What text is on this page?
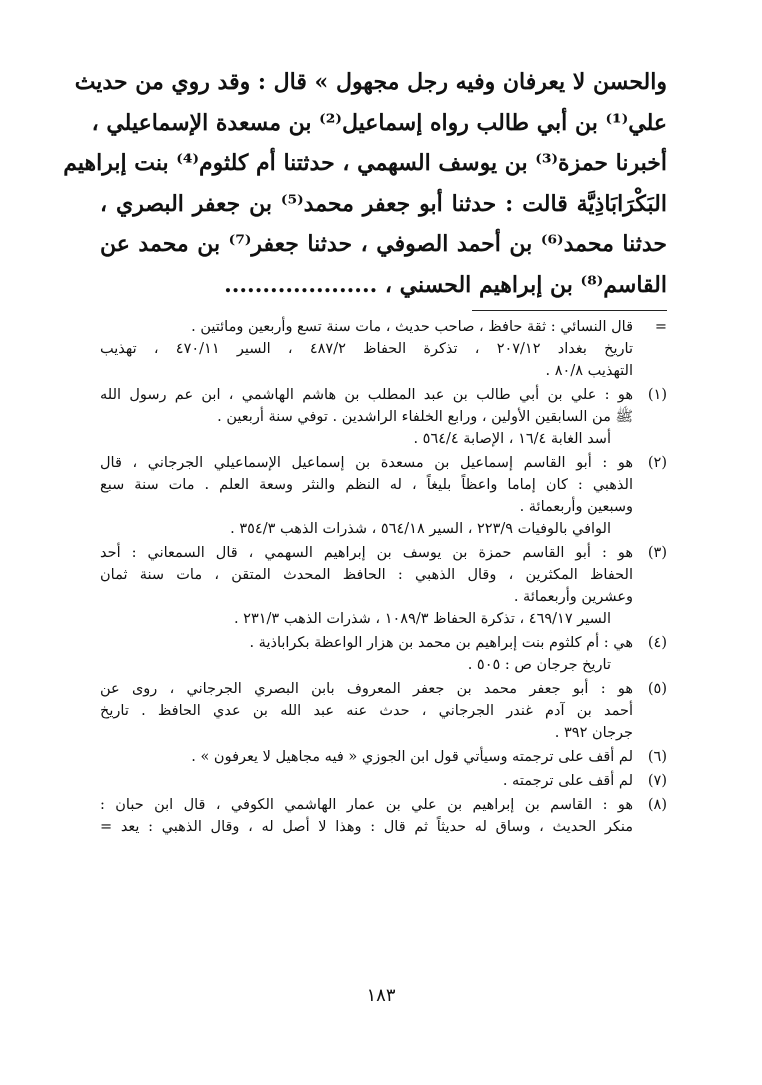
والحسن لا يعرفان وفيه رجل مجهول » قال : وقد روي من حديث
علي⁽¹⁾ بن أبي طالب رواه إسماعيل⁽²⁾ بن مسعدة الإسماعيلي ،
أخبرنا حمزة⁽³⁾ بن يوسف السهمي ، حدثتنا أم كلثوم⁽⁴⁾ بنت إبراهيم
البَكْرَابَاذِيَّة قالت : حدثنا أبو جعفر محمد⁽⁵⁾ بن جعفر البصري ،
حدثنا محمد⁽⁶⁾ بن أحمد الصوفي ، حدثنا جعفر⁽⁷⁾ بن محمد عن
القاسم⁽⁸⁾ بن إبراهيم الحسني ، ....................
=
قال النسائي : ثقة حافظ ، صاحب حديث ، مات سنة تسع وأربعين ومائتين .
تاريخ بغداد ٢٠٧/١٢ ، تذكرة الحفاظ ٤٨٧/٢ ، السير ٤٧٠/١١ ، تهذيب
التهذيب ٨٠/٨ .
(١)
هو : علي بن أبي طالب بن عبد المطلب بن هاشم الهاشمي ، ابن عم رسول الله
ﷺ من السابقين الأولين ، ورابع الخلفاء الراشدين . توفي سنة أربعين .
أسد الغابة ١٦/٤ ، الإصابة ٥٦٤/٤ .
(٢)
هو : أبو القاسم إسماعيل بن مسعدة بن إسماعيل الإسماعيلي الجرجاني ، قال
الذهبي : كان إماما واعظاً بليغاً ، له النظم والنثر وسعة العلم . مات سنة سبع
وسبعين وأربعمائة .
الوافي بالوفيات ٢٢٣/٩ ، السير ٥٦٤/١٨ ، شذرات الذهب ٣٥٤/٣ .
(٣)
هو : أبو القاسم حمزة بن يوسف بن إبراهيم السهمي ، قال السمعاني : أحد
الحفاظ المكثرين ، وقال الذهبي : الحافظ المحدث المتقن ، مات سنة ثمان
وعشرين وأربعمائة .
السير ٤٦٩/١٧ ، تذكرة الحفاظ ١٠٨٩/٣ ، شذرات الذهب ٢٣١/٣ .
(٤)
هي : أم كلثوم بنت إبراهيم بن محمد بن هزار الواعظة بكراباذية .
تاريخ جرجان ص : ٥٠٥ .
(٥)
هو : أبو جعفر محمد بن جعفر المعروف بابن البصري الجرجاني ، روى عن
أحمد بن آدم غندر الجرجاني ، حدث عنه عبد الله بن عدي الحافظ . تاريخ
جرجان ٣٩٢ .
(٦)
لم أقف على ترجمته وسيأتي قول ابن الجوزي « فيه مجاهيل لا يعرفون » .
(٧)
لم أقف على ترجمته .
(٨)
هو : القاسم بن إبراهيم بن علي بن عمار الهاشمي الكوفي ، قال ابن حبان :
منكر الحديث ، وساق له حديثاً ثم قال : وهذا لا أصل له ، وقال الذهبي : يعد =
١٨٣
